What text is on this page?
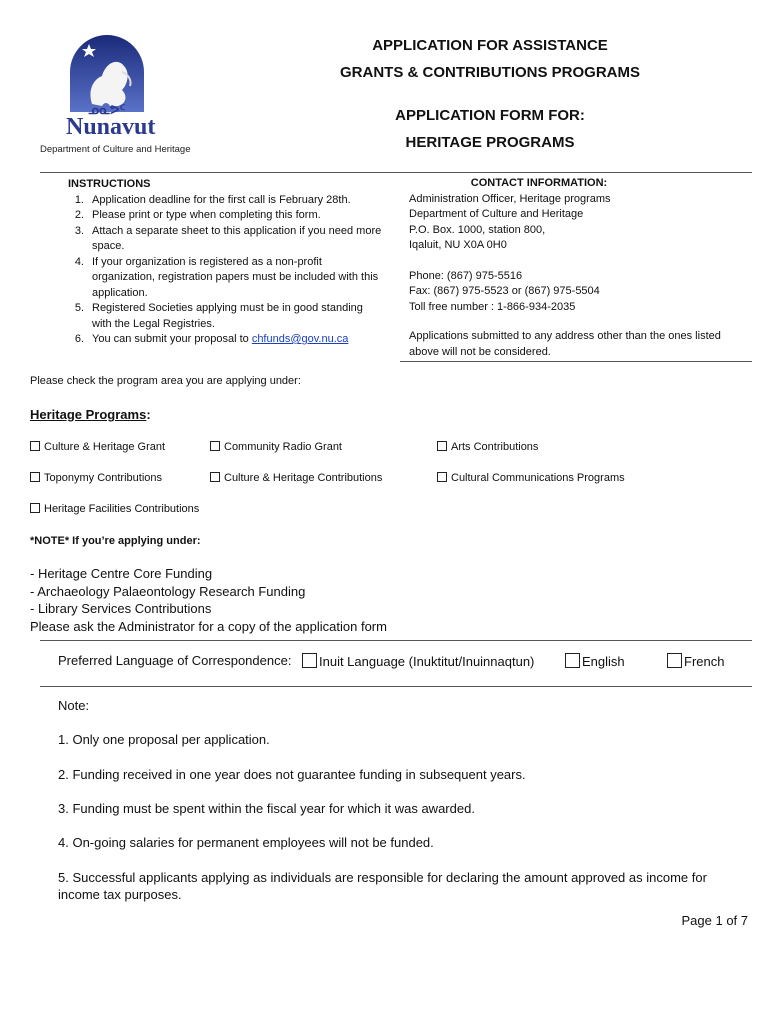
ᓄᓇᕗᑦ
Nunavut
Department of Culture and Heritage
APPLICATION FOR ASSISTANCE
GRANTS & CONTRIBUTIONS PROGRAMS
APPLICATION FORM FOR:
HERITAGE PROGRAMS
INSTRUCTIONS
1. Application deadline for the first call is February 28th.
2. Please print or type when completing this form.
3. Attach a separate sheet to this application if you need more space.
4. If your organization is registered as a non-profit organization, registration papers must be included with this application.
5. Registered Societies applying must be in good standing with the Legal Registries.
6. You can submit your proposal to chfunds@gov.nu.ca
CONTACT INFORMATION:
Administration Officer, Heritage programs
Department of Culture and Heritage
P.O. Box. 1000, station 800,
Iqaluit, NU X0A 0H0
Phone: (867) 975-5516
Fax: (867) 975-5523 or (867) 975-5504
Toll free number : 1-866-934-2035
Applications submitted to any address other than the ones listed above will not be considered.
Please check the program area you are applying under:
Heritage Programs:
Culture & Heritage Grant	Community Radio Grant	Arts Contributions
Toponymy Contributions	Culture & Heritage Contributions	Cultural Communications Programs
Heritage Facilities Contributions
*NOTE* If you’re applying under:
- Heritage Centre Core Funding
- Archaeology Palaeontology Research Funding
- Library Services Contributions
Please ask the Administrator for a copy of the application form
Preferred Language of Correspondence:	Inuit Language (Inuktitut/Inuinnaqtun)	English	French
Note:
1. Only one proposal per application.
2. Funding received in one year does not guarantee funding in subsequent years.
3. Funding must be spent within the fiscal year for which it was awarded.
4. On-going salaries for permanent employees will not be funded.
5. Successful applicants applying as individuals are responsible for declaring the amount approved as income for income tax purposes.
Page 1 of 7
